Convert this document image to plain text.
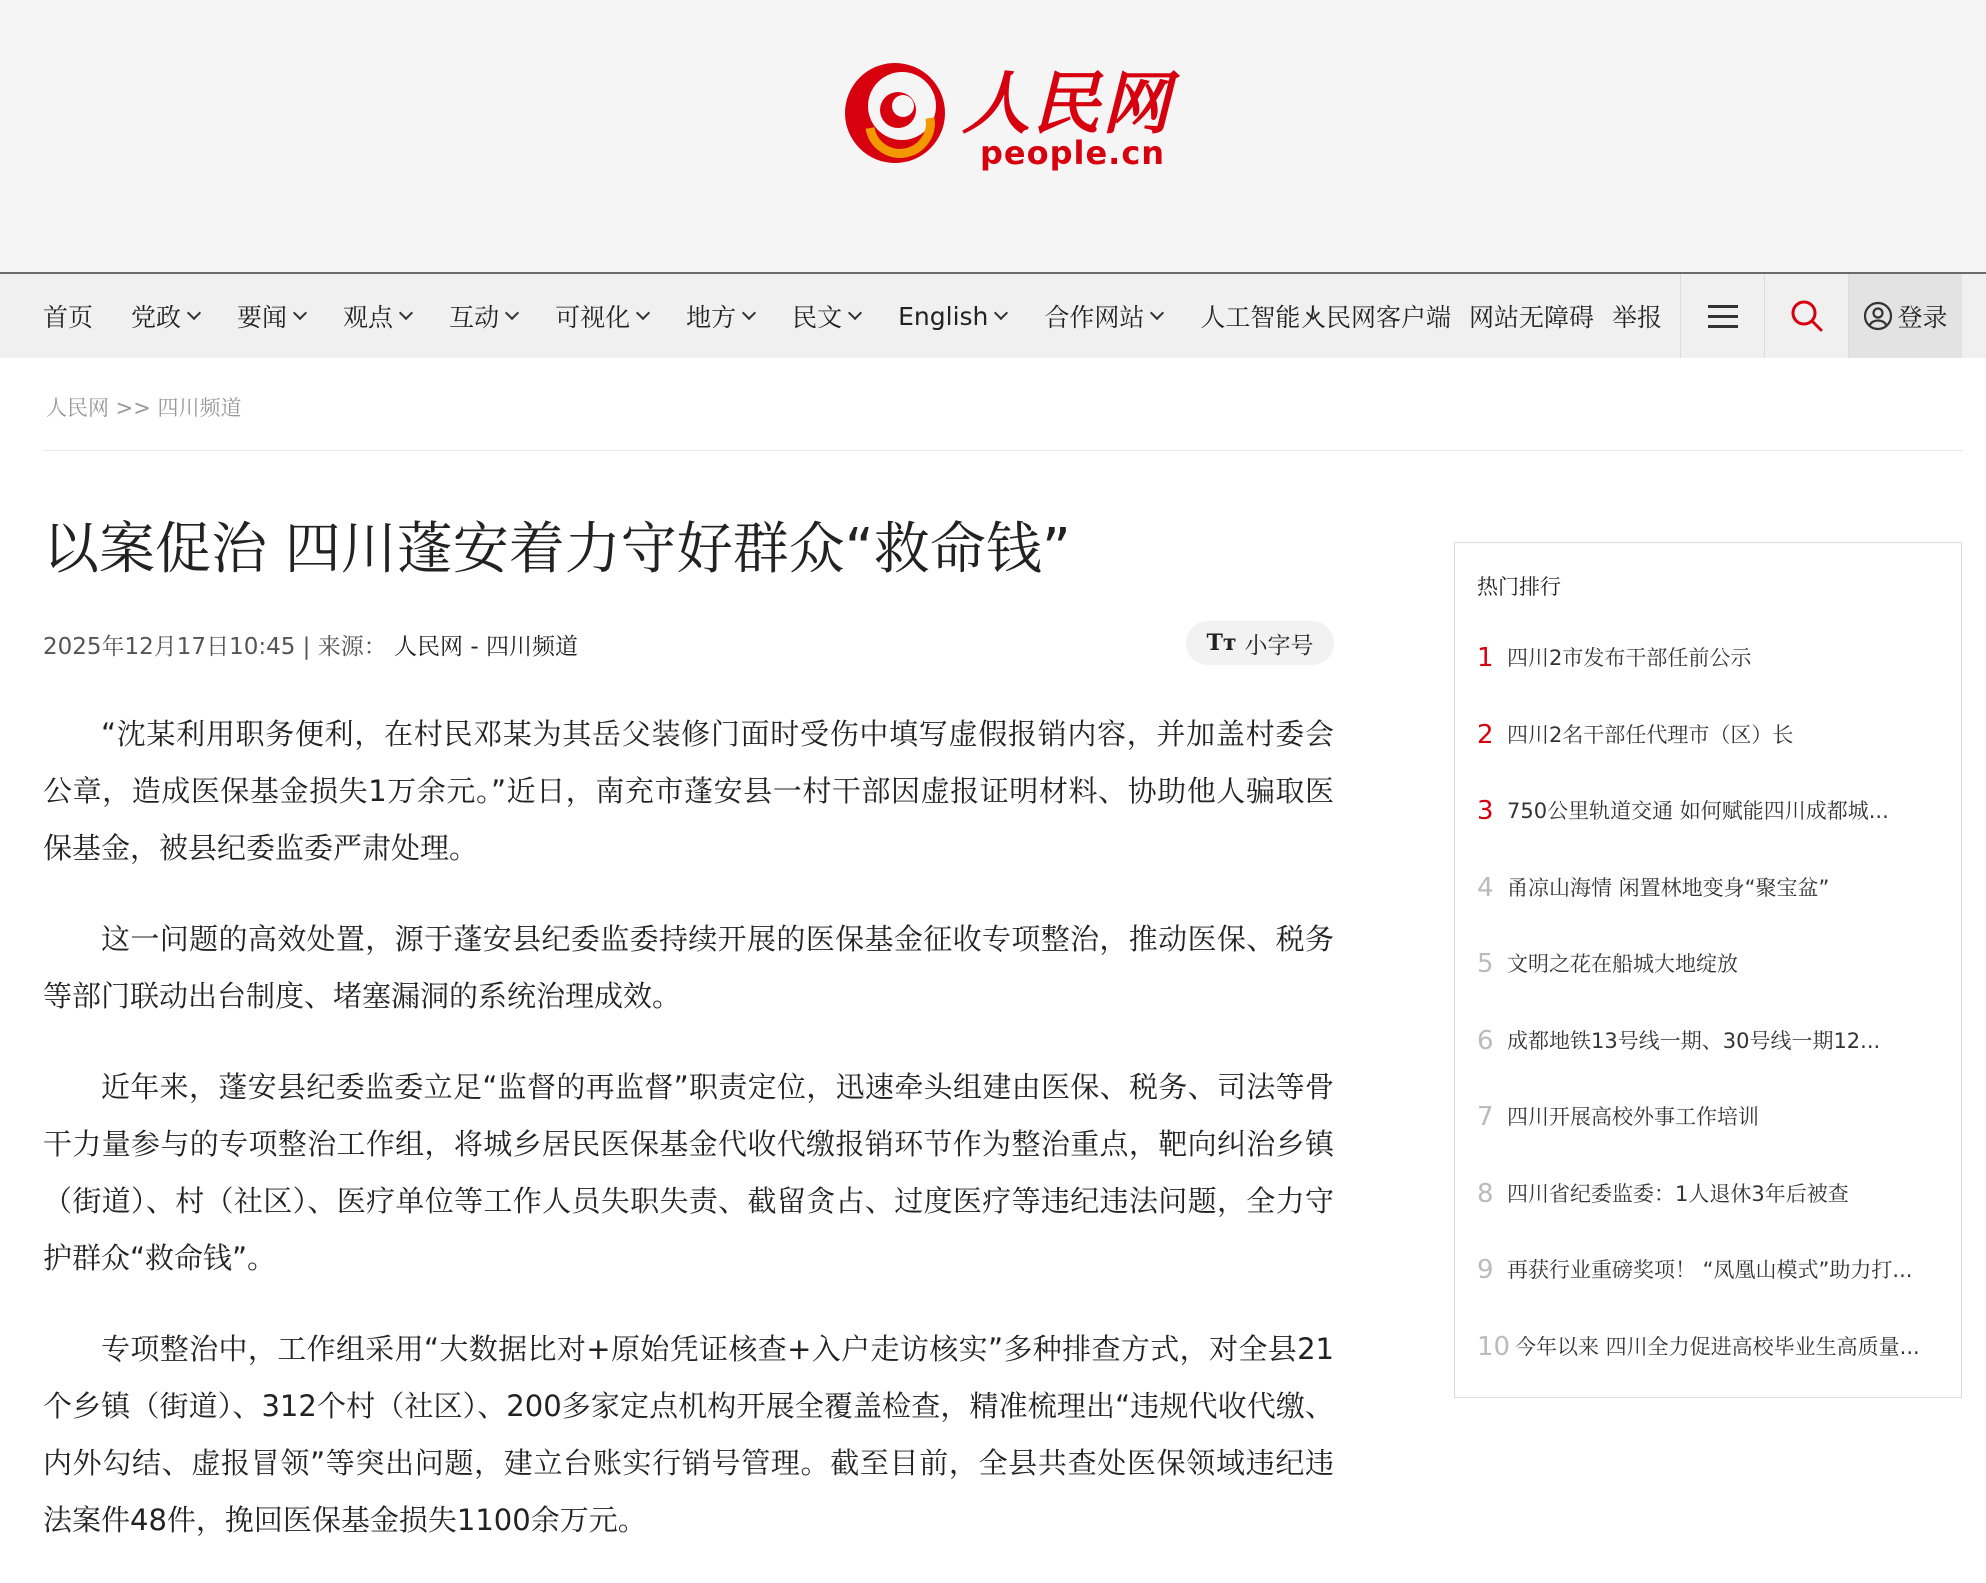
人民网
people.cn
首页 党政 要闻 观点 互动 可视化 地方 民文 English 合作网站 人工智能 人民网客户端 网站无障碍 举报	登录
人民网 >> 四川频道
以案促治 四川蓬安着力守好群众“救命钱”
2025年12月17日10:45 | 来源： 人民网 - 四川频道	Tт 小字号

“沈某利用职务便利，在村民邓某为其岳父装修门面时受伤中填写虚假报销内容，并加盖村委会公章，造成医保基金损失1万余元。”近日，南充市蓬安县一村干部因虚报证明材料、协助他人骗取医保基金，被县纪委监委严肃处理。

这一问题的高效处置，源于蓬安县纪委监委持续开展的医保基金征收专项整治，推动医保、税务等部门联动出台制度、堵塞漏洞的系统治理成效。

近年来，蓬安县纪委监委立足“监督的再监督”职责定位，迅速牵头组建由医保、税务、司法等骨干力量参与的专项整治工作组，将城乡居民医保基金代收代缴报销环节作为整治重点，靶向纠治乡镇（街道）、村（社区）、医疗单位等工作人员失职失责、截留贪占、过度医疗等违纪违法问题，全力守护群众“救命钱”。

专项整治中，工作组采用“大数据比对+原始凭证核查+入户走访核实”多种排查方式，对全县21个乡镇（街道）、312个村（社区）、200多家定点机构开展全覆盖检查，精准梳理出“违规代收代缴、内外勾结、虚报冒领”等突出问题，建立台账实行销号管理。截至目前，全县共查处医保领域违纪违法案件48件，挽回医保基金损失1100余万元。

热门排行
1 四川2市发布干部任前公示
2 四川2名干部任代理市（区）长
3 750公里轨道交通 如何赋能四川成都城...
4 甬凉山海情 闲置林地变身“聚宝盆”
5 文明之花在船城大地绽放
6 成都地铁13号线一期、30号线一期12...
7 四川开展高校外事工作培训
8 四川省纪委监委：1人退休3年后被查
9 再获行业重磅奖项！ “凤凰山模式”助力打...
10 今年以来 四川全力促进高校毕业生高质量...
